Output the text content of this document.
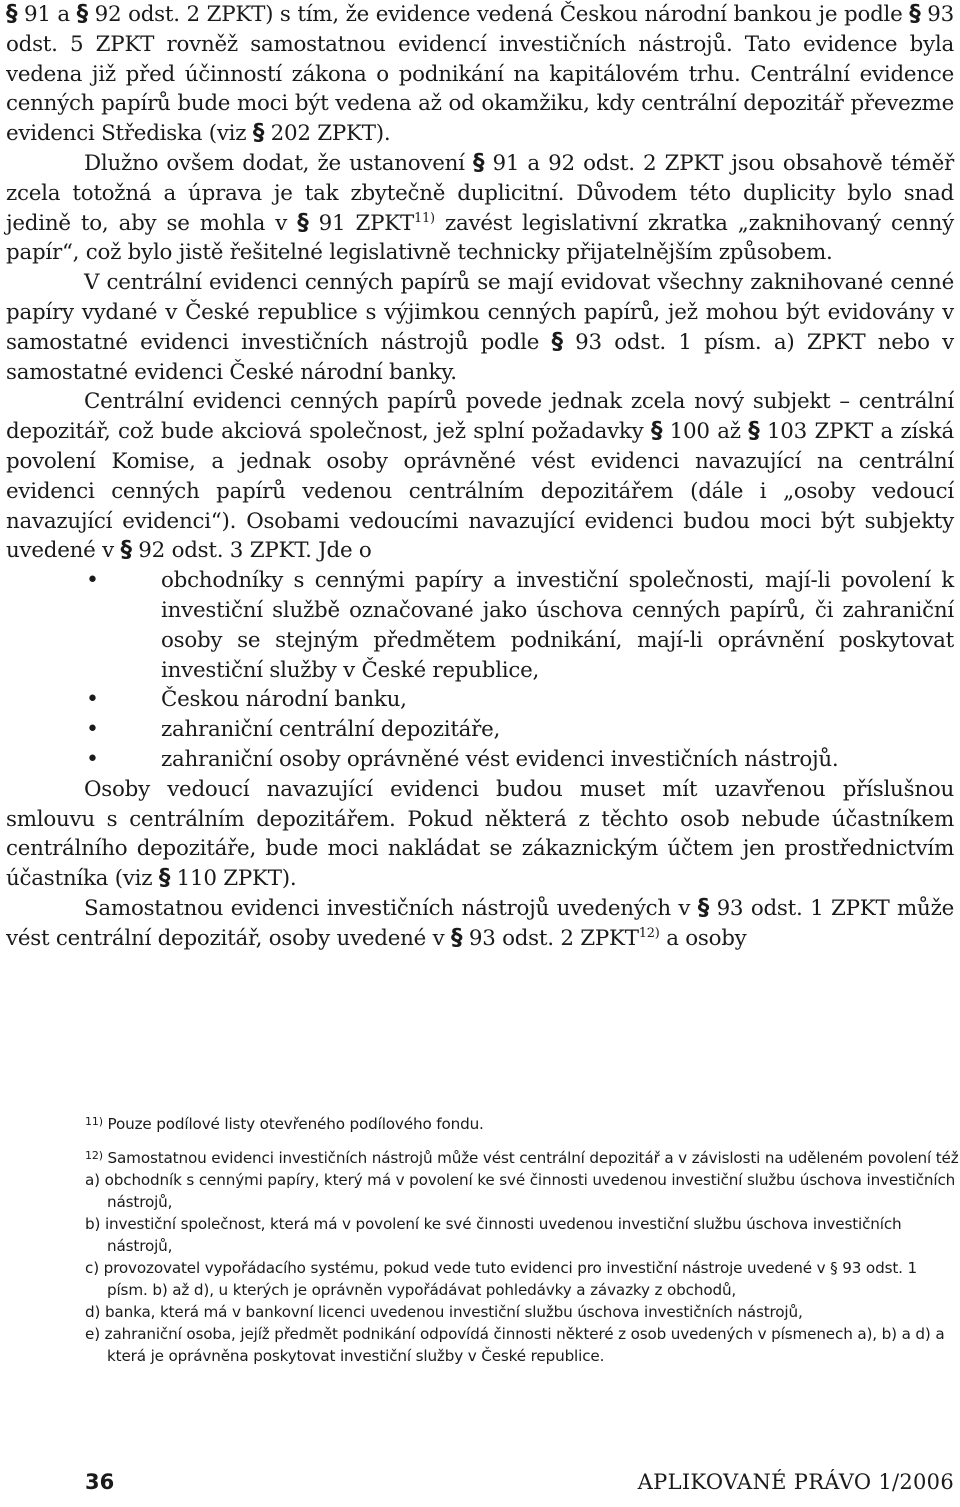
§ 91 a § 92 odst. 2 ZPKT) s tím, že evidence vedená Českou národní bankou je podle § 93 odst. 5 ZPKT rovněž samostatnou evidencí investičních nástrojů. Tato evidence byla vedena již před účinností zákona o podnikání na kapitálovém trhu. Centrální evidence cenných papírů bude moci být vedena až od okamžiku, kdy centrální depozitář převezme evidenci Střediska (viz § 202 ZPKT).

Dlužno ovšem dodat, že ustanovení § 91 a 92 odst. 2 ZPKT jsou obsahově téměř zcela totožná a úprava je tak zbytečně duplicitní. Důvodem této duplicity bylo snad jedině to, aby se mohla v § 91 ZPKT$^{11)}$ zavést legislativní zkratka „zaknihovaný cenný papír“, což bylo jistě řešitelné legislativně technicky přijatelnějším způsobem.

V centrální evidenci cenných papírů se mají evidovat všechny zaknihované cenné papíry vydané v České republice s výjimkou cenných papírů, jež mohou být evidovány v samostatné evidenci investičních nástrojů podle § 93 odst. 1 písm. a) ZPKT nebo v samostatné evidenci České národní banky.

Centrální evidenci cenných papírů povede jednak zcela nový subjekt – centrální depozitář, což bude akciová společnost, jež splní požadavky § 100 až § 103 ZPKT a získá povolení Komise, a jednak osoby oprávněné vést evidenci navazující na centrální evidenci cenných papírů vedenou centrálním depozitářem (dále i „osoby vedoucí navazující evidenci“). Osobami vedoucími navazující evidenci budou moci být subjekty uvedené v § 92 odst. 3 ZPKT. Jde o

• obchodníky s cennými papíry a investiční společnosti, mají-li povolení k investiční službě označované jako úschova cenných papírů, či zahraniční osoby se stejným předmětem podnikání, mají-li oprávnění poskytovat investiční služby v České republice,
• Českou národní banku,
• zahraniční centrální depozitáře,
• zahraniční osoby oprávněné vést evidenci investičních nástrojů.

Osoby vedoucí navazující evidenci budou muset mít uzavřenou příslušnou smlouvu s centrálním depozitářem. Pokud některá z těchto osob nebude účastníkem centrálního depozitáře, bude moci nakládat se zákaznickým účtem jen prostřednictvím účastníka (viz § 110 ZPKT).

Samostatnou evidenci investičních nástrojů uvedených v § 93 odst. 1 ZPKT může vést centrální depozitář, osoby uvedené v § 93 odst. 2 ZPKT$^{12)}$ a osoby

$^{11)}$ Pouze podílové listy otevřeného podílového fondu.
$^{12)}$ Samostatnou evidenci investičních nástrojů může vést centrální depozitář a v závislosti na uděleném povolení též

a) obchodník s cennými papíry, který má v povolení ke své činnosti uvedenou investiční službu úschova investičních nástrojů,

b) investiční společnost, která má v povolení ke své činnosti uvedenou investiční službu úschova investičních nástrojů,

c) provozovatel vypořádacího systému, pokud vede tuto evidenci pro investiční nástroje uvedené v § 93 odst. 1 písm. b) až d), u kterých je oprávněn vypořádávat pohledávky a závazky z obchodů,

d) banka, která má v bankovní licenci uvedenou investiční službu úschova investičních nástrojů,

e) zahraniční osoba, jejíž předmět podnikání odpovídá činnosti některé z osob uvedených v písmenech a), b) a d) a která je oprávněna poskytovat investiční služby v České republice.

36	APLIKOVANÉ PRÁVO 1/2006
